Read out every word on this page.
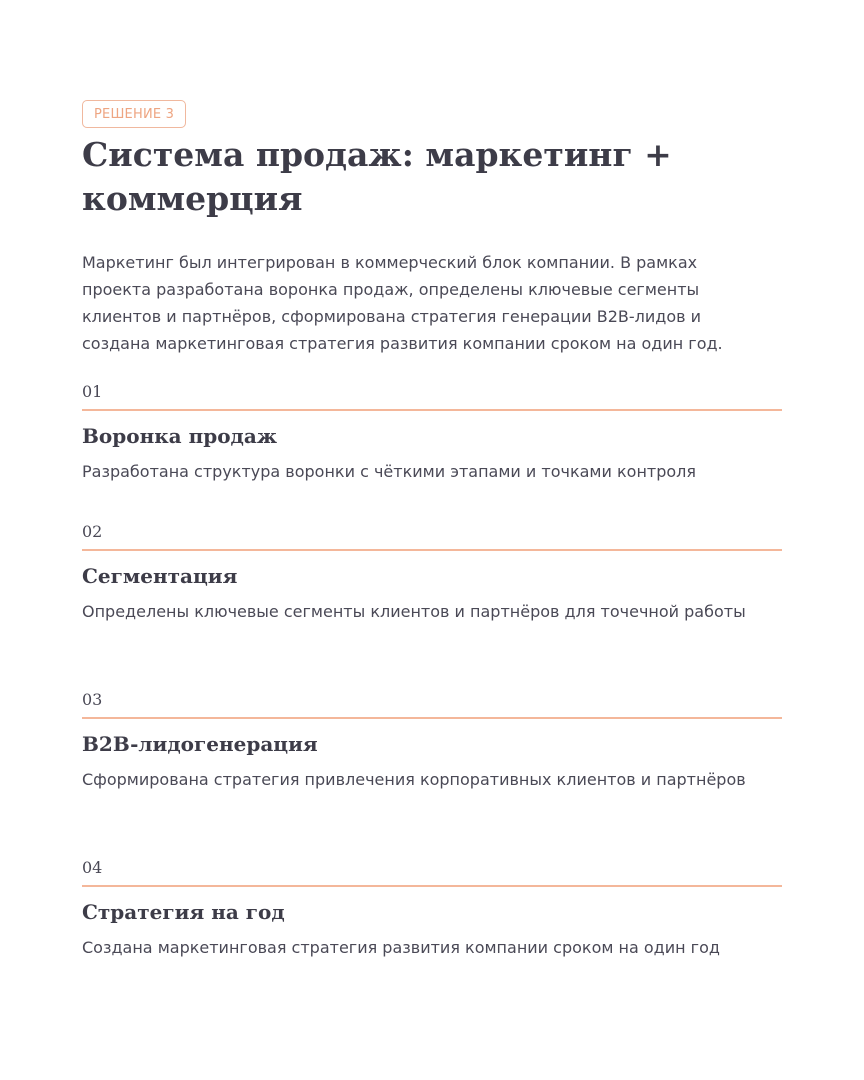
РЕШЕНИЕ 3
Система продаж: маркетинг + коммерция

Маркетинг был интегрирован в коммерческий блок компании. В рамках проекта разработана воронка продаж, определены ключевые сегменты клиентов и партнёров, сформирована стратегия генерации B2B-лидов и создана маркетинговая стратегия развития компании сроком на один год.

01
Воронка продаж

Разработана структура воронки с чёткими этапами и точками контроля

02
Сегментация

Определены ключевые сегменты клиентов и партнёров для точечной работы

03
B2B-лидогенерация

Сформирована стратегия привлечения корпоративных клиентов и партнёров

04
Стратегия на год

Создана маркетинговая стратегия развития компании сроком на один год
